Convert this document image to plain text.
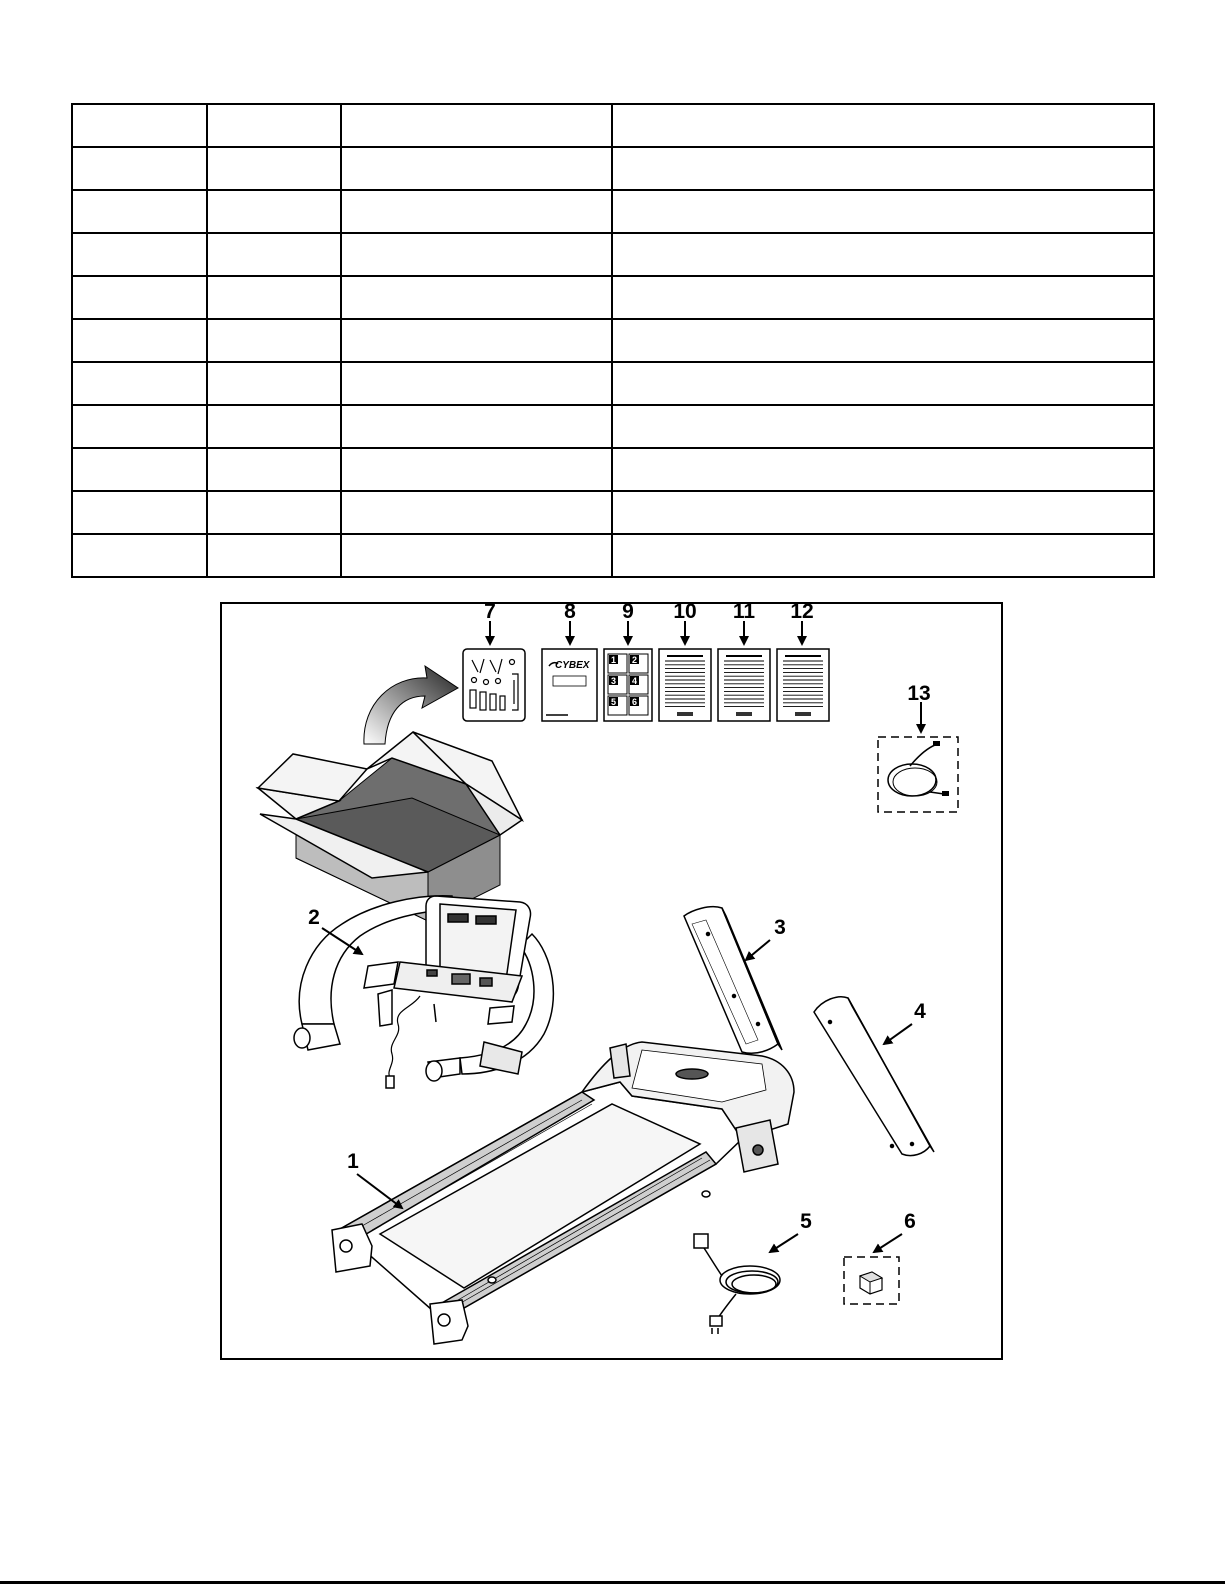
CYBEX 1 2
3 4
5 6
7	8 9 10 11 12
13
2	3
4
1
5	6
